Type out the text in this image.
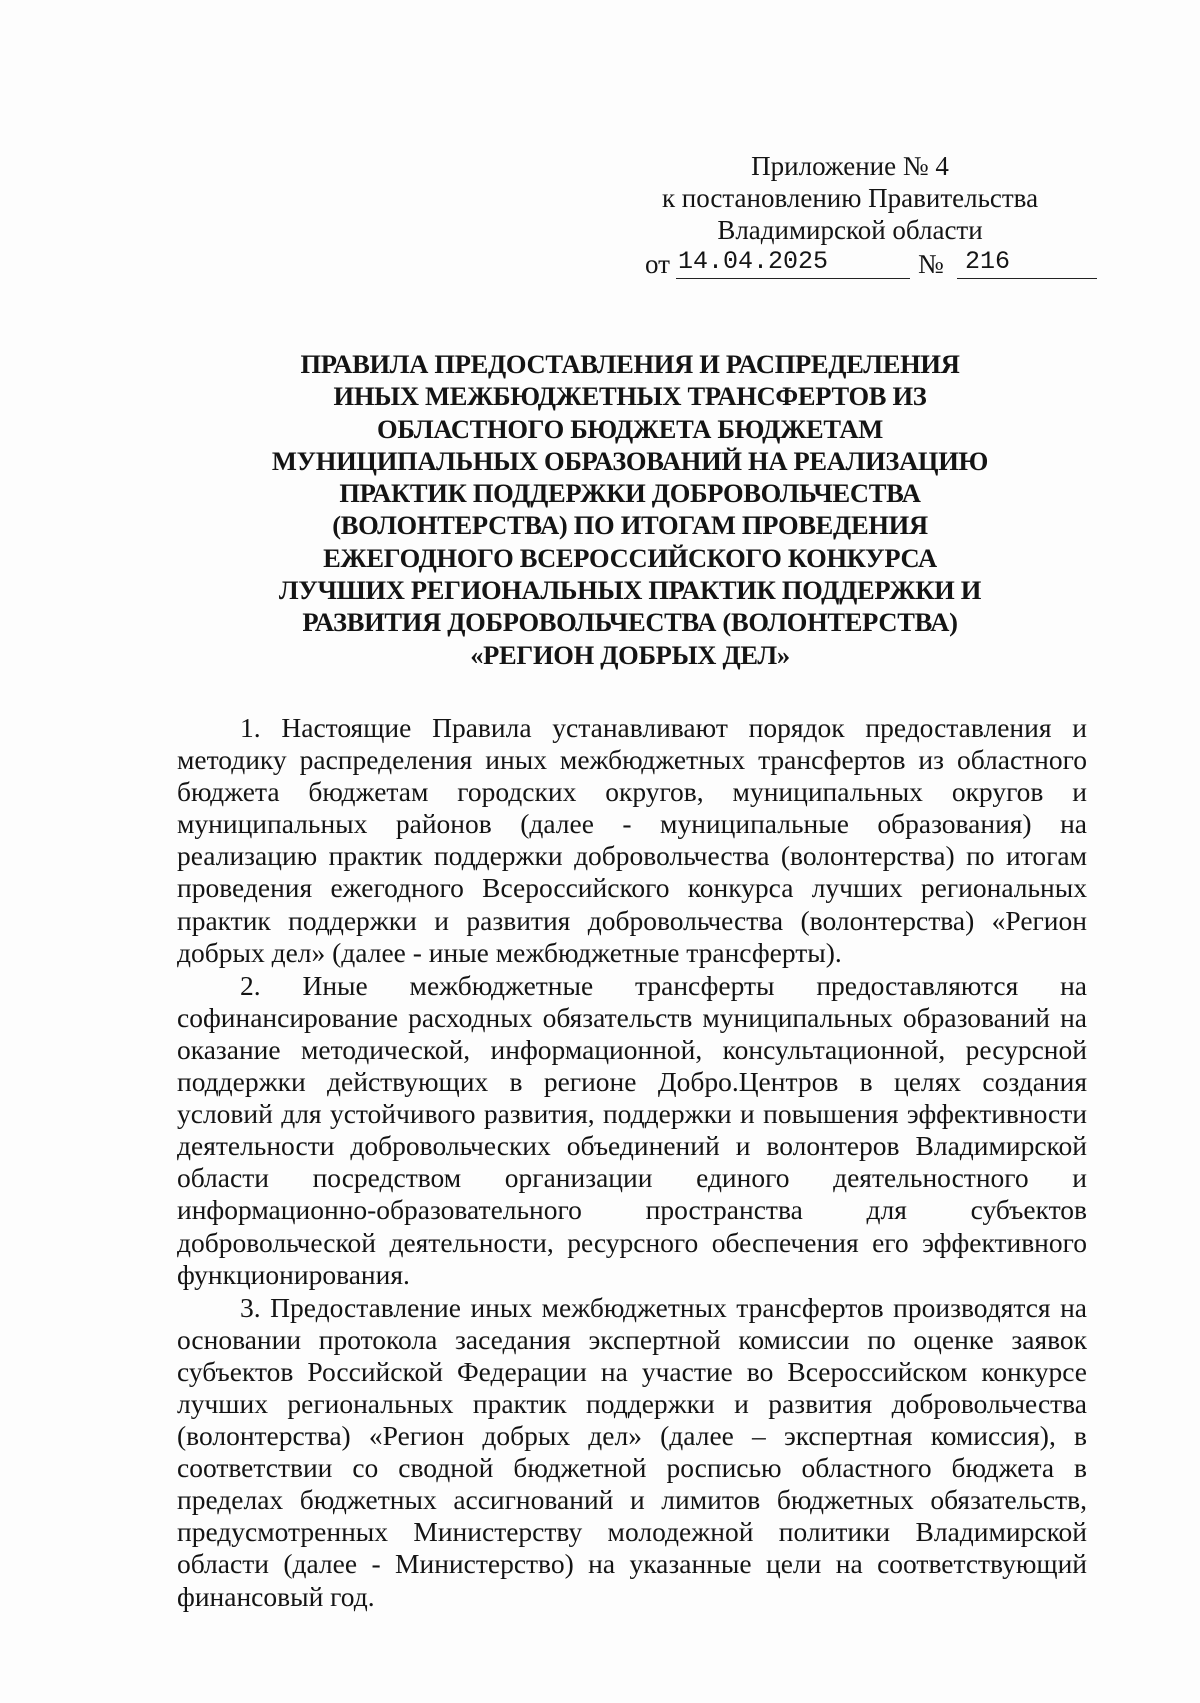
Приложение № 4
к постановлению Правительства
Владимирской области
от 14.04.2025	№ 216
ПРАВИЛА ПРЕДОСТАВЛЕНИЯ И РАСПРЕДЕЛЕНИЯ
ИНЫХ МЕЖБЮДЖЕТНЫХ ТРАНСФЕРТОВ ИЗ
ОБЛАСТНОГО БЮДЖЕТА БЮДЖЕТАМ
МУНИЦИПАЛЬНЫХ ОБРАЗОВАНИЙ НА РЕАЛИЗАЦИЮ
ПРАКТИК ПОДДЕРЖКИ ДОБРОВОЛЬЧЕСТВА
(ВОЛОНТЕРСТВА) ПО ИТОГАМ ПРОВЕДЕНИЯ
ЕЖЕГОДНОГО ВСЕРОССИЙСКОГО КОНКУРСА
ЛУЧШИХ РЕГИОНАЛЬНЫХ ПРАКТИК ПОДДЕРЖКИ И
РАЗВИТИЯ ДОБРОВОЛЬЧЕСТВА (ВОЛОНТЕРСТВА)
«РЕГИОН ДОБРЫХ ДЕЛ»

1. Настоящие Правила устанавливают порядок предоставления и методику распределения иных межбюджетных трансфертов из областного бюджета бюджетам городских округов, муниципальных округов и муниципальных районов (далее - муниципальные образования) на реализацию практик поддержки добровольчества (волонтерства) по итогам проведения ежегодного Всероссийского конкурса лучших региональных практик поддержки и развития добровольчества (волонтерства) «Регион добрых дел» (далее - иные межбюджетные трансферты).

2. Иные межбюджетные трансферты предоставляются на софинансирование расходных обязательств муниципальных образований на оказание методической, информационной, консультационной, ресурсной поддержки действующих в регионе Добро.Центров в целях создания условий для устойчивого развития, поддержки и повышения эффективности деятельности добровольческих объединений и волонтеров Владимирской области посредством организации единого деятельностного и информационно-образовательного пространства для субъектов добровольческой деятельности, ресурсного обеспечения его эффективного функционирования.

3. Предоставление иных межбюджетных трансфертов производятся на основании протокола заседания экспертной комиссии по оценке заявок субъектов Российской Федерации на участие во Всероссийском конкурсе лучших региональных практик поддержки и развития добровольчества (волонтерства) «Регион добрых дел» (далее – экспертная комиссия), в соответствии со сводной бюджетной росписью областного бюджета в пределах бюджетных ассигнований и лимитов бюджетных обязательств, предусмотренных Министерству молодежной политики Владимирской области (далее - Министерство) на указанные цели на соответствующий финансовый год.
